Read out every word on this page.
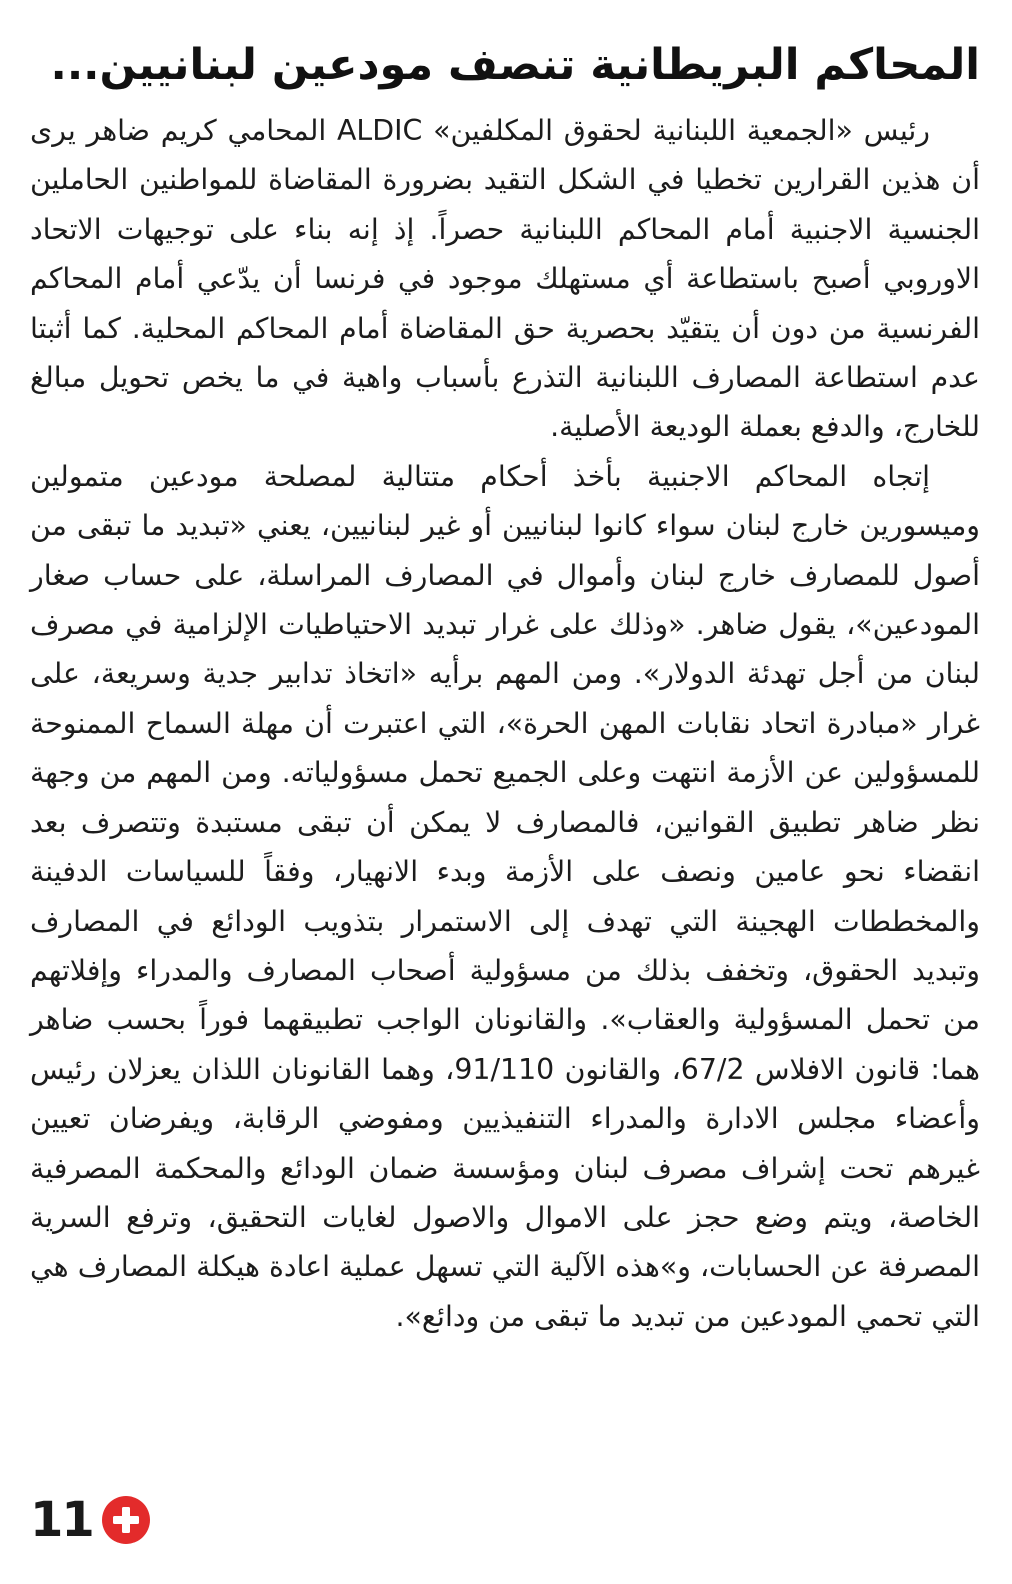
المحاكم البريطانية تنصف مودعين لبنانيين...

رئيس «الجمعية اللبنانية لحقوق المكلفين» ALDIC المحامي كريم ضاهر يرى أن هذين القرارين تخطيا في الشكل التقيد بضرورة المقاضاة للمواطنين الحاملين الجنسية الاجنبية أمام المحاكم اللبنانية حصراً. إذ إنه بناء على توجيهات الاتحاد الاوروبي أصبح باستطاعة أي مستهلك موجود في فرنسا أن يدّعي أمام المحاكم الفرنسية من دون أن يتقيّد بحصرية حق المقاضاة أمام المحاكم المحلية. كما أثبتا عدم استطاعة المصارف اللبنانية التذرع بأسباب واهية في ما يخص تحويل مبالغ للخارج، والدفع بعملة الوديعة الأصلية.

إتجاه المحاكم الاجنبية بأخذ أحكام متتالية لمصلحة مودعين متمولين وميسورين خارج لبنان سواء كانوا لبنانيين أو غير لبنانيين، يعني «تبديد ما تبقى من أصول للمصارف خارج لبنان وأموال في المصارف المراسلة، على حساب صغار المودعين»، يقول ضاهر. «وذلك على غرار تبديد الاحتياطيات الإلزامية في مصرف لبنان من أجل تهدئة الدولار». ومن المهم برأيه «اتخاذ تدابير جدية وسريعة، على غرار «مبادرة اتحاد نقابات المهن الحرة»، التي اعتبرت أن مهلة السماح الممنوحة للمسؤولين عن الأزمة انتهت وعلى الجميع تحمل مسؤولياته. ومن المهم من وجهة نظر ضاهر تطبيق القوانين، فالمصارف لا يمكن أن تبقى مستبدة وتتصرف بعد انقضاء نحو عامين ونصف على الأزمة وبدء الانهيار، وفقاً للسياسات الدفينة والمخططات الهجينة التي تهدف إلى الاستمرار بتذويب الودائع في المصارف وتبديد الحقوق، وتخفف بذلك من مسؤولية أصحاب المصارف والمدراء وإفلاتهم من تحمل المسؤولية والعقاب». والقانونان الواجب تطبيقهما فوراً بحسب ضاهر هما: قانون الافلاس 67/2، والقانون 91/110، وهما القانونان اللذان يعزلان رئيس وأعضاء مجلس الادارة والمدراء التنفيذيين ومفوضي الرقابة، ويفرضان تعيين غيرهم تحت إشراف مصرف لبنان ومؤسسة ضمان الودائع والمحكمة المصرفية الخاصة، ويتم وضع حجز على الاموال والاصول لغايات التحقيق، وترفع السرية المصرفة عن الحسابات، و»هذه الآلية التي تسهل عملية اعادة هيكلة المصارف هي التي تحمي المودعين من تبديد ما تبقى من ودائع».

11
